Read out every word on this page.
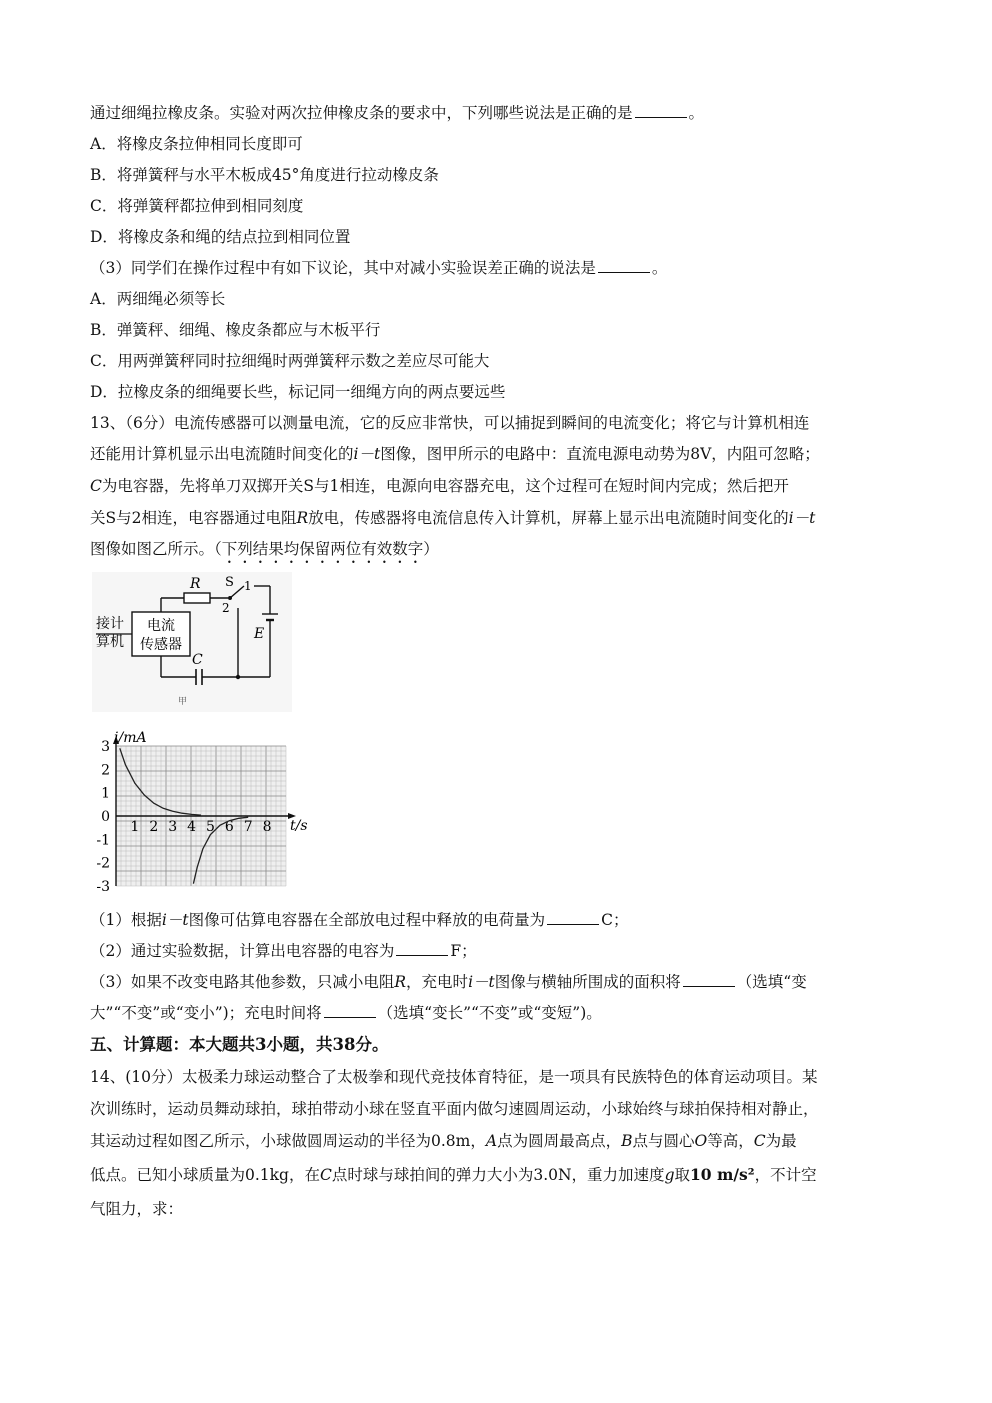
通过细绳拉橡皮条。实验对两次拉伸橡皮条的要求中，下列哪些说法是正确的是	。
A．将橡皮条拉伸相同长度即可
B．将弹簧秤与水平木板成45°角度进行拉动橡皮条
C．将弹簧秤都拉伸到相同刻度
D．将橡皮条和绳的结点拉到相同位置
（3）同学们在操作过程中有如下议论，其中对减小实验误差正确的说法是	。
A．两细绳必须等长
B．弹簧秤、细绳、橡皮条都应与木板平行
C．用两弹簧秤同时拉细绳时两弹簧秤示数之差应尽可能大
D．拉橡皮条的细绳要长些，标记同一细绳方向的两点要远些
13、（6分）电流传感器可以测量电流，它的反应非常快，可以捕捉到瞬间的电流变化；将它与计算机相连
还能用计算机显示出电流随时间变化的i－t图像，图甲所示的电路中：直流电源电动势为8V，内阻可忽略；
C为电容器，先将单刀双掷开关S与1相连，电源向电容器充电，这个过程可在短时间内完成；然后把开
关S与2相连，电容器通过电阻R放电，传感器将电流信息传入计算机，屏幕上显示出电流随时间变化的i－t
图像如图乙所示。（下列结果均保留两位有效数字）
电流
传感器
接计
算机
R S 1
2
E
C
甲
1 2 3 4 5 6 7 8
3
2
1
0
-1
-2
-3
i/mA
t/s
（1）根据i－t图像可估算电容器在全部放电过程中释放的电荷量为	C；
（2）通过实验数据，计算出电容器的电容为	F；
（3）如果不改变电路其他参数，只减小电阻R，充电时i－t图像与横轴所围成的面积将	（选填“变
大”“不变”或“变小”)；充电时间将	（选填“变长”“不变”或“变短”)。
五、计算题：本大题共3小题，共38分。
14、(10分）太极柔力球运动整合了太极拳和现代竞技体育特征，是一项具有民族特色的体育运动项目。某
次训练时，运动员舞动球拍，球拍带动小球在竖直平面内做匀速圆周运动，小球始终与球拍保持相对静止，
其运动过程如图乙所示，小球做圆周运动的半径为0.8m，A点为圆周最高点，B点与圆心O等高，C为最
低点。已知小球质量为0.1kg，在C点时球与球拍间的弹力大小为3.0N，重力加速度g取10 m/s²，不计空
气阻力，求：
